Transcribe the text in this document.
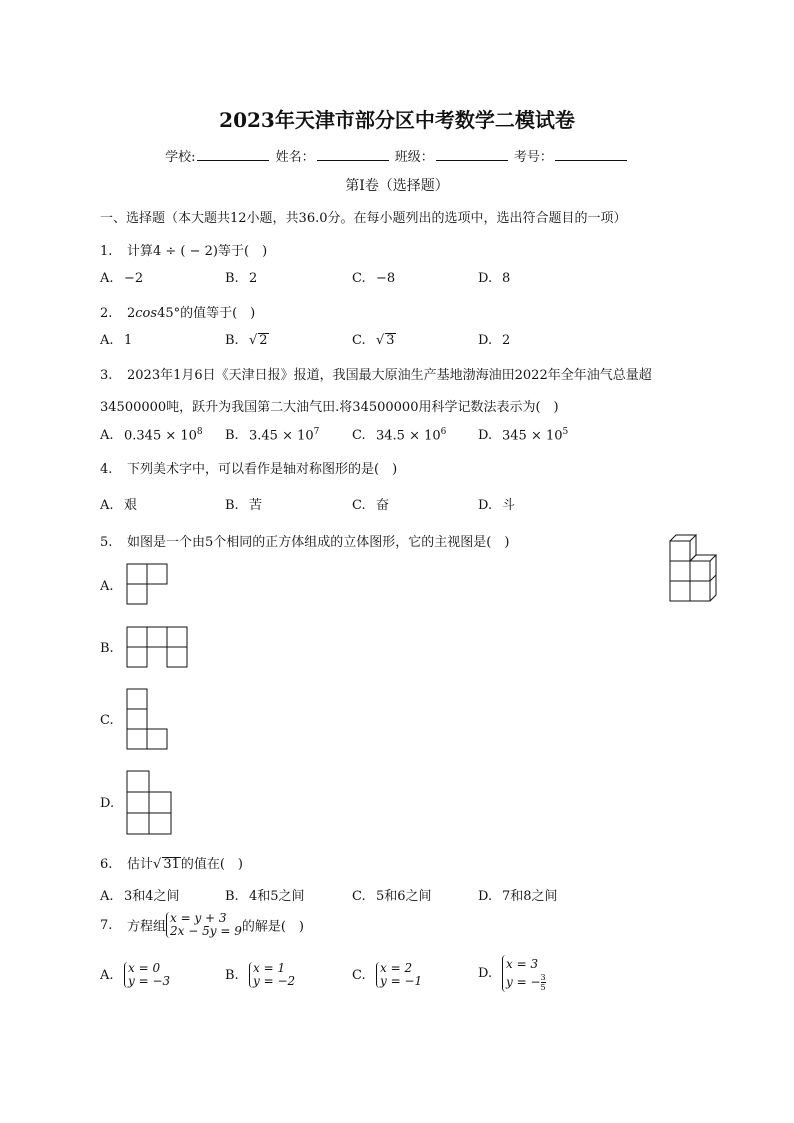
2023年天津市部分区中考数学二模试卷
学校:	姓名：	班级：	考号：
第Ⅰ卷（选择题）
一、选择题（本大题共12小题，共36.0分。在每小题列出的选项中，选出符合题目的一项）
1. 计算4 ÷ ( − 2)等于(　)
A. −2	B. 2	C. −8	D. 8
2. 2cos45°的值等于(　)
A. 1	B. √ 2	C. √ 3	D. 2
3. 2023年1月6日《天津日报》报道，我国最大原油生产基地渤海油田2022年全年油气总量超
34500000吨，跃升为我国第二大油气田.将34500000用科学记数法表示为(　)
A. $0.345 \times 10^8$ B. $3.45 \times 10^7$	C. $34.5 \times 10^6$ D. $345 \times 10^5$
4. 下列美术字中，可以看作是轴对称图形的是(　)
A. 艰	B. 苦	C. 奋	D. 斗
5. 如图是一个由5个相同的正方体组成的立体图形，它的主视图是(　)
A.
B.
C.
D.
6. 估计√ 31的值在(　)
A. 3和4之间	B. 4和5之间	C. 5和6之间	D. 7和8之间
7. 方程组x = y + 3
2x − 5y = 9的解是(　)
A. x = 0
y = −3	B. x = 1
y = −2	C. x = 2
y = −1	D.x = 3
y = − $\frac{3}{5}$
